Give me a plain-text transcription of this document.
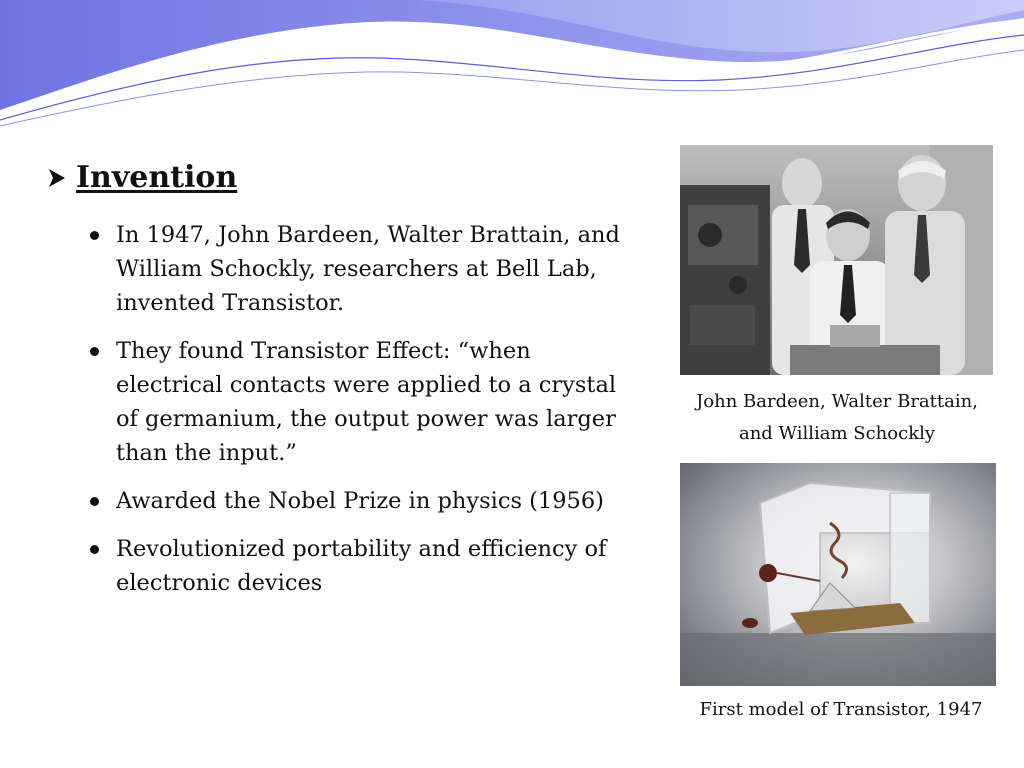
Invention
In 1947, John Bardeen, Walter Brattain, and William Schockly, researchers at Bell Lab, invented Transistor.
They found Transistor Effect: “when electrical contacts were applied to a crystal of germanium, the output power was larger than the input.”
Awarded the Nobel Prize in physics (1956)
Revolutionized portability and efficiency of electronic devices
John Bardeen, Walter Brattain,
and William Schockly
First model of Transistor, 1947
